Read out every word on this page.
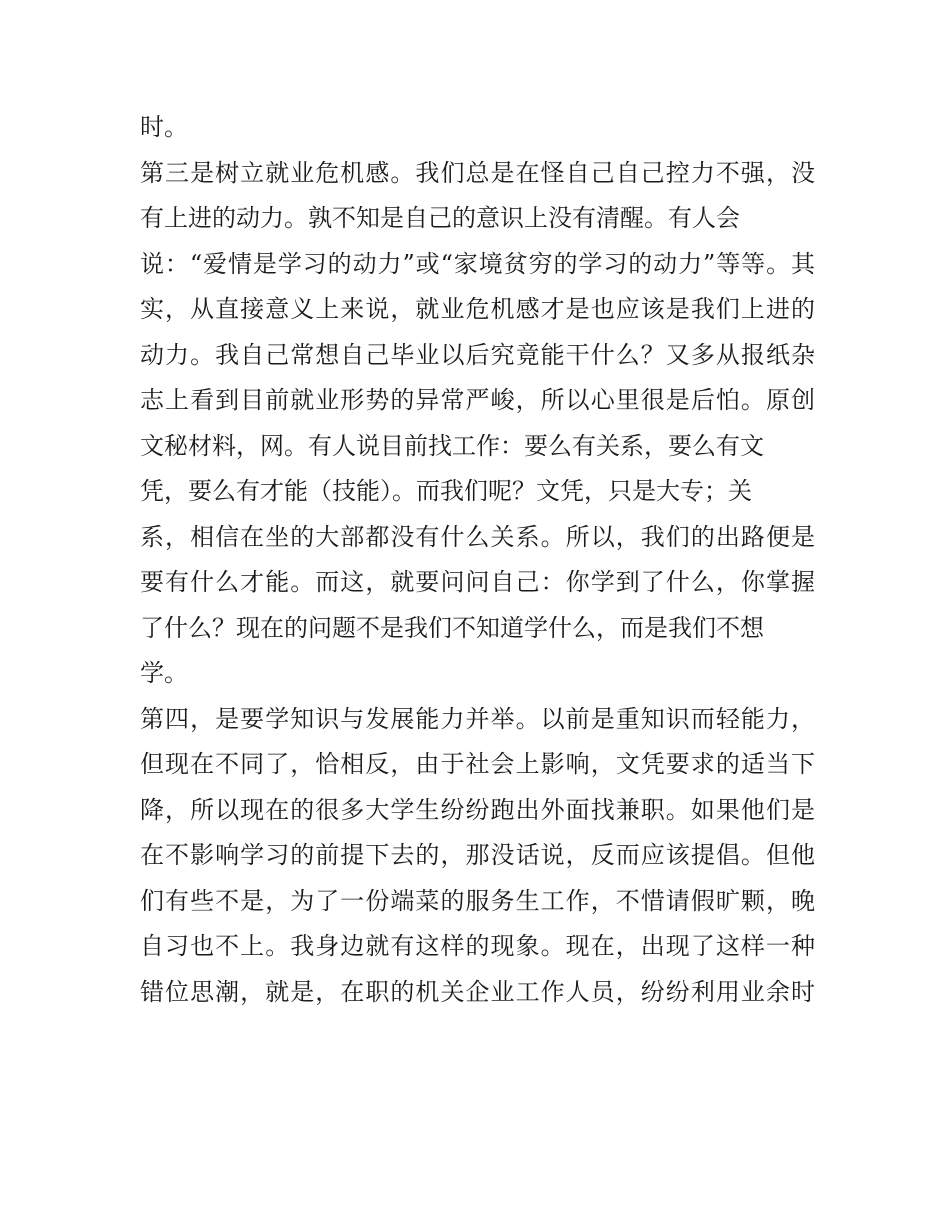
时。
第三是树立就业危机感。我们总是在怪自己自己控力不强，没
有上进的动力。孰不知是自己的意识上没有清醒。有人会
说：“爱情是学习的动力”或“家境贫穷的学习的动力”等等。其
实，从直接意义上来说，就业危机感才是也应该是我们上进的
动力。我自己常想自己毕业以后究竟能干什么？又多从报纸杂
志上看到目前就业形势的异常严峻，所以心里很是后怕。原创
文秘材料，网。有人说目前找工作：要么有关系，要么有文
凭，要么有才能（技能）。而我们呢？文凭，只是大专；关
系，相信在坐的大部都没有什么关系。所以，我们的出路便是
要有什么才能。而这，就要问问自己：你学到了什么，你掌握
了什么？现在的问题不是我们不知道学什么，而是我们不想
学。
第四，是要学知识与发展能力并举。以前是重知识而轻能力，
但现在不同了，恰相反，由于社会上影响，文凭要求的适当下
降，所以现在的很多大学生纷纷跑出外面找兼职。如果他们是
在不影响学习的前提下去的，那没话说，反而应该提倡。但他
们有些不是，为了一份端菜的服务生工作，不惜请假旷颗，晚
自习也不上。我身边就有这样的现象。现在，出现了这样一种
错位思潮，就是，在职的机关企业工作人员，纷纷利用业余时
